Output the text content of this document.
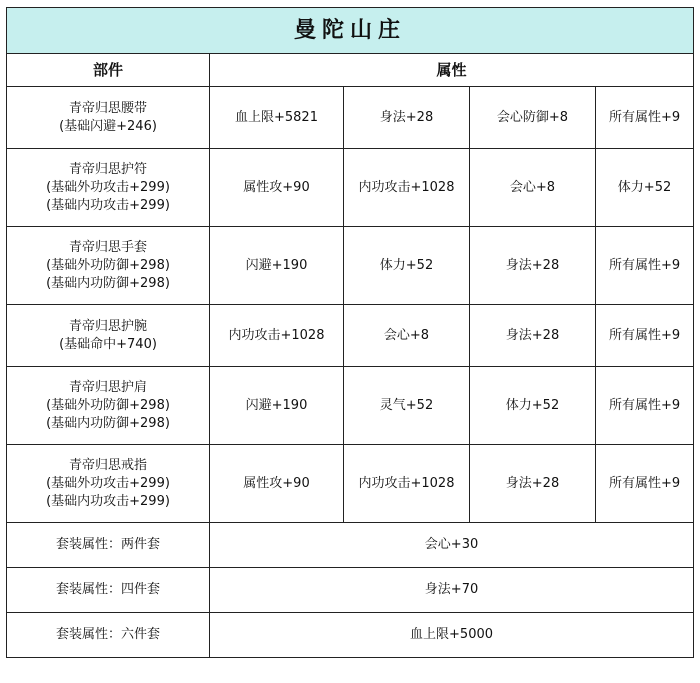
曼陀山庄				
部件	属性			

青帝归思腰带
(基础闪避+246)	血上限+5821	身法+28	会心防御+8	所有属性+9

青帝归思护符
(基础外功攻击+299)
(基础内功攻击+299)	属性攻+90	内功攻击+1028	会心+8	体力+52

青帝归思手套
(基础外功防御+298)
(基础内功防御+298)	闪避+190	体力+52	身法+28	所有属性+9

青帝归思护腕
(基础命中+740)	内功攻击+1028	会心+8	身法+28	所有属性+9

青帝归思护肩
(基础外功防御+298)
(基础内功防御+298)	闪避+190	灵气+52	体力+52	所有属性+9

青帝归思戒指
(基础外功攻击+299)
(基础内功攻击+299)	属性攻+90	内功攻击+1028	身法+28	所有属性+9
套装属性：两件套	会心+30			
套装属性：四件套	身法+70			
套装属性：六件套	血上限+5000			
